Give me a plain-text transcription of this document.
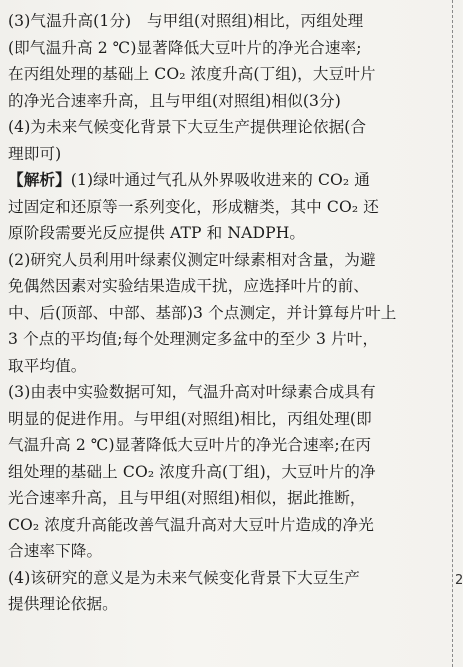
(3)气温升高(1分)　与甲组(对照组)相比，丙组处理
(即气温升高 2 ℃)显著降低大豆叶片的净光合速率;
在丙组处理的基础上 CO₂ 浓度升高(丁组)，大豆叶片
的净光合速率升高，且与甲组(对照组)相似(3分)
(4)为未来气候变化背景下大豆生产提供理论依据(合
理即可)
【解析】(1)绿叶通过气孔从外界吸收进来的 CO₂ 通
过固定和还原等一系列变化，形成糖类，其中 CO₂ 还
原阶段需要光反应提供 ATP 和 NADPH。
(2)研究人员利用叶绿素仪测定叶绿素相对含量，为避
免偶然因素对实验结果造成干扰，应选择叶片的前、
中、后(顶部、中部、基部)3 个点测定，并计算每片叶上
3 个点的平均值;每个处理测定多盆中的至少 3 片叶，
取平均值。
(3)由表中实验数据可知，气温升高对叶绿素合成具有
明显的促进作用。与甲组(对照组)相比，丙组处理(即
气温升高 2 ℃)显著降低大豆叶片的净光合速率;在丙
组处理的基础上 CO₂ 浓度升高(丁组)，大豆叶片的净
光合速率升高，且与甲组(对照组)相似，据此推断，
CO₂ 浓度升高能改善气温升高对大豆叶片造成的净光
合速率下降。
(4)该研究的意义是为未来气候变化背景下大豆生产
提供理论依据。
2
